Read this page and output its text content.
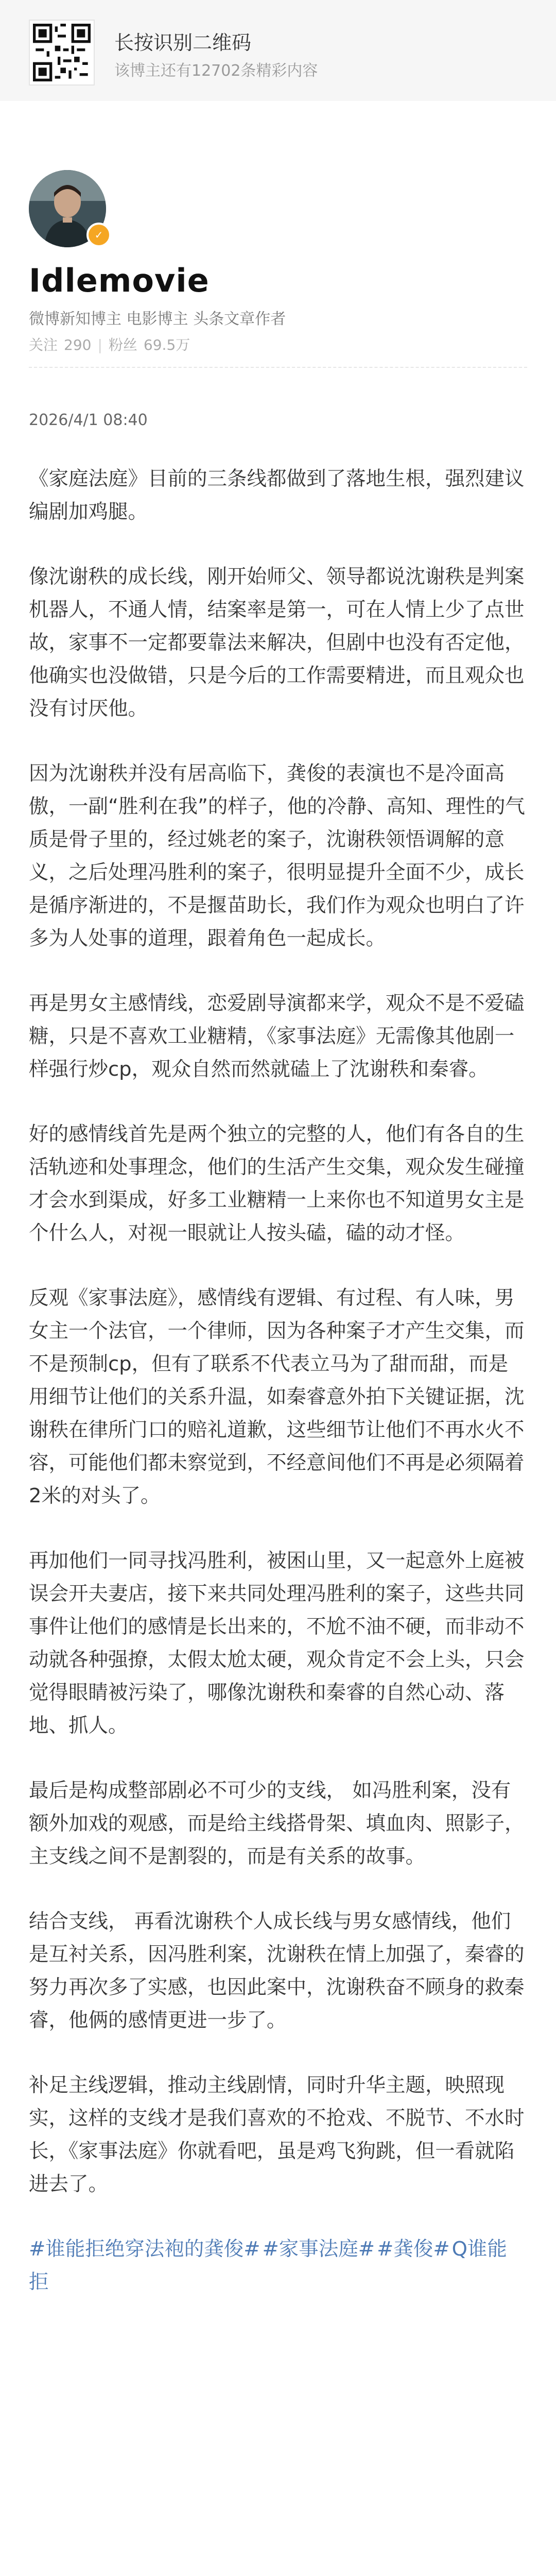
长按识别二维码
该博主还有12702条精彩内容
✓
Idlemovie
微博新知博主 电影博主 头条文章作者
关注 290 | 粉丝 69.5万
2026/4/1 08:40

《家庭法庭》目前的三条线都做到了落地生根，强烈建议编剧加鸡腿。

像沈谢秩的成长线，刚开始师父、领导都说沈谢秩是判案机器人，不通人情，结案率是第一，可在人情上少了点世故，家事不一定都要靠法来解决，但剧中也没有否定他，他确实也没做错，只是今后的工作需要精进，而且观众也没有讨厌他。

因为沈谢秩并没有居高临下，龚俊的表演也不是冷面高傲，一副“胜利在我”的样子，他的冷静、高知、理性的气质是骨子里的，经过姚老的案子，沈谢秩领悟调解的意义，之后处理冯胜利的案子，很明显提升全面不少，成长是循序渐进的，不是揠苗助长，我们作为观众也明白了许多为人处事的道理，跟着角色一起成长。

再是男女主感情线，恋爱剧导演都来学，观众不是不爱磕糖，只是不喜欢工业糖精，《家事法庭》无需像其他剧一样强行炒cp，观众自然而然就磕上了沈谢秩和秦睿。

好的感情线首先是两个独立的完整的人，他们有各自的生活轨迹和处事理念，他们的生活产生交集，观众发生碰撞才会水到渠成，好多工业糖精一上来你也不知道男女主是个什么人，对视一眼就让人按头磕，磕的动才怪。

反观《家事法庭》，感情线有逻辑、有过程、有人味，男女主一个法官，一个律师，因为各种案子才产生交集，而不是预制cp，但有了联系不代表立马为了甜而甜，而是用细节让他们的关系升温，如秦睿意外拍下关键证据，沈谢秩在律所门口的赔礼道歉，这些细节让他们不再水火不容，可能他们都未察觉到，不经意间他们不再是必须隔着2米的对头了。

再加他们一同寻找冯胜利，被困山里，又一起意外上庭被误会开夫妻店，接下来共同处理冯胜利的案子，这些共同事件让他们的感情是长出来的，不尬不油不硬，而非动不动就各种强撩，太假太尬太硬，观众肯定不会上头，只会觉得眼睛被污染了，哪像沈谢秩和秦睿的自然心动、落地、抓人。

最后是构成整部剧必不可少的支线， 如冯胜利案，没有额外加戏的观感，而是给主线搭骨架、填血肉、照影子，主支线之间不是割裂的，而是有关系的故事。

结合支线， 再看沈谢秩个人成长线与男女感情线，他们是互衬关系，因冯胜利案，沈谢秩在情上加强了，秦睿的努力再次多了实感，也因此案中，沈谢秩奋不顾身的救秦睿，他俩的感情更进一步了。

补足主线逻辑，推动主线剧情，同时升华主题，映照现实，这样的支线才是我们喜欢的不抢戏、不脱节、不水时长，《家事法庭》你就看吧，虽是鸡飞狗跳，但一看就陷进去了。

#谁能拒绝穿法袍的龚俊# #家事法庭# #龚俊# Q谁能拒
